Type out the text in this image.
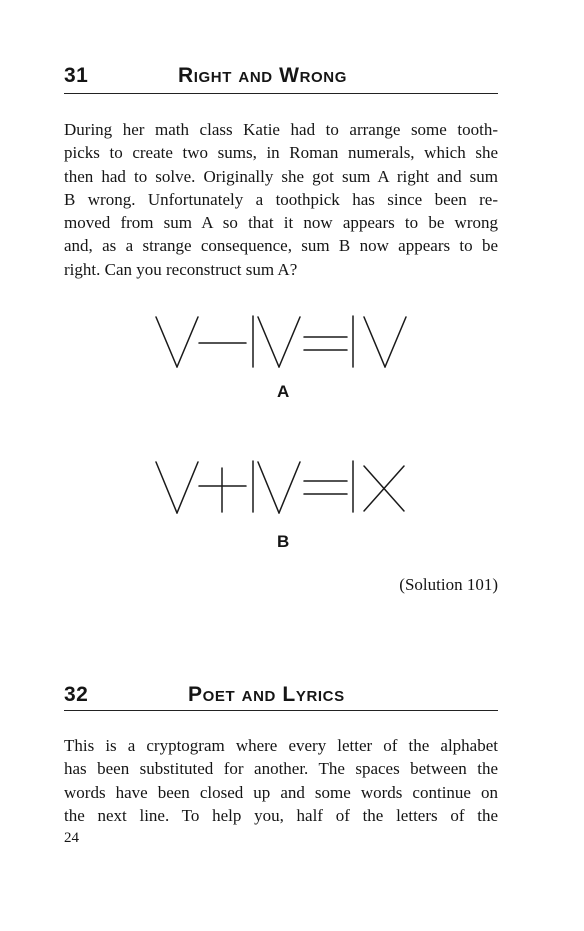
31	Right and Wrong
During her math class Katie had to arrange some tooth-
picks to create two sums, in Roman numerals, which she
then had to solve. Originally she got sum A right and sum
B wrong. Unfortunately a toothpick has since been re-
moved from sum A so that it now appears to be wrong
and, as a strange consequence, sum B now appears to be
right. Can you reconstruct sum A?
A
B
(Solution 101)
32	Poet and Lyrics
This is a cryptogram where every letter of the alphabet
has been substituted for another. The spaces between the
words have been closed up and some words continue on
the next line. To help you, half of the letters of the
24
